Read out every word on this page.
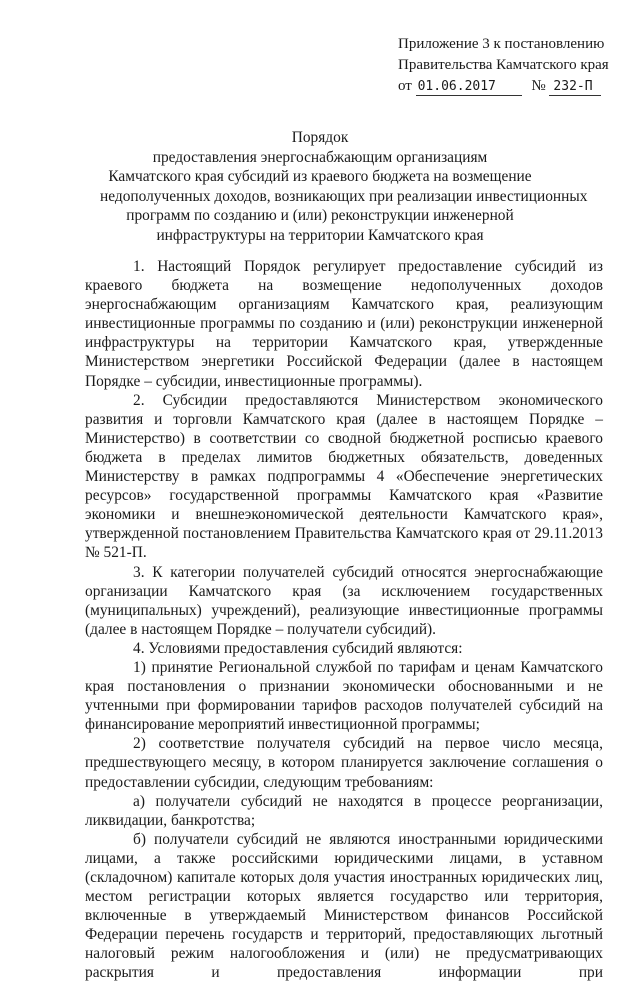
Приложение 3 к постановлению
Правительства Камчатского края
от 01.06.2017 № 232-П
Порядок
предоставления энергоснабжающим организациям
Камчатского края субсидий из краевого бюджета на возмещение
недополученных доходов, возникающих при реализации инвестиционных
программ по созданию и (или) реконструкции инженерной
инфраструктуры на территории Камчатского края

1. Настоящий Порядок регулирует предоставление субсидий из краевого бюджета на возмещение недополученных доходов энергоснабжающим организациям Камчатского края, реализующим инвестиционные программы по созданию и (или) реконструкции инженерной инфраструктуры на территории Камчатского края, утвержденные Министерством энергетики Российской Федерации (далее в настоящем Порядке – субсидии, инвестиционные программы).

2. Субсидии предоставляются Министерством экономического развития и торговли Камчатского края (далее в настоящем Порядке – Министерство) в соответствии со сводной бюджетной росписью краевого бюджета в пределах лимитов бюджетных обязательств, доведенных Министерству в рамках подпрограммы 4 «Обеспечение энергетических ресурсов» государственной программы Камчатского края «Развитие экономики и внешнеэкономической деятельности Камчатского края», утвержденной постановлением Правительства Камчатского края от 29.11.2013 № 521-П.

3. К категории получателей субсидий относятся энергоснабжающие организации Камчатского края (за исключением государственных (муниципальных) учреждений), реализующие инвестиционные программы (далее в настоящем Порядке – получатели субсидий).

4. Условиями предоставления субсидий являются:

1) принятие Региональной службой по тарифам и ценам Камчатского края постановления о признании экономически обоснованными и не учтенными при формировании тарифов расходов получателей субсидий на финансирование мероприятий инвестиционной программы;

2) соответствие получателя субсидий на первое число месяца, предшествующего месяцу, в котором планируется заключение соглашения о предоставлении субсидии, следующим требованиям:

а) получатели субсидий не находятся в процессе реорганизации, ликвидации, банкротства;

б) получатели субсидий не являются иностранными юридическими лицами, а также российскими юридическими лицами, в уставном (складочном) капитале которых доля участия иностранных юридических лиц, местом регистрации которых является государство или территория, включенные в утверждаемый Министерством финансов Российской Федерации перечень государств и территорий, предоставляющих льготный налоговый режим налогообложения и (или) не предусматривающих раскрытия и предоставления информации при
